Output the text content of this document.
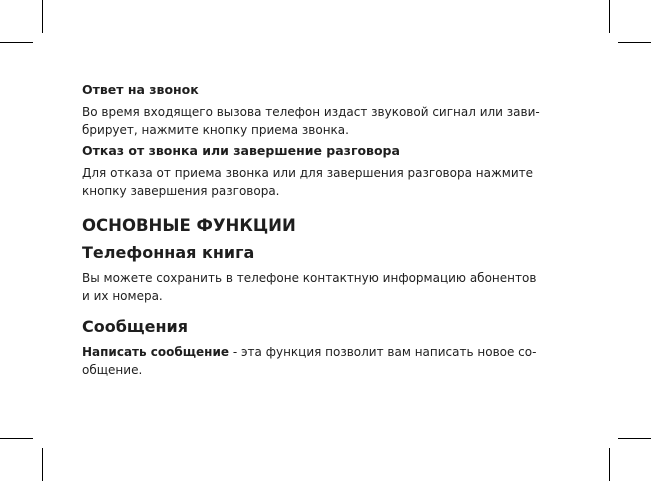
Ответ на звонок
Во время входящего вызова телефон издаст звуковой сигнал или зави-
брирует, нажмите кнопку приема звонка.
Отказ от звонка или завершение разговора
Для отказа от приема звонка или для завершения разговора нажмите
кнопку завершения разговора.
ОСНОВНЫЕ ФУНКЦИИ
Телефонная книга
Вы можете сохранить в телефоне контактную информацию абонентов
и их номера.
Сообщения
Написать сообщение - эта функция позволит вам написать новое со-
общение.
